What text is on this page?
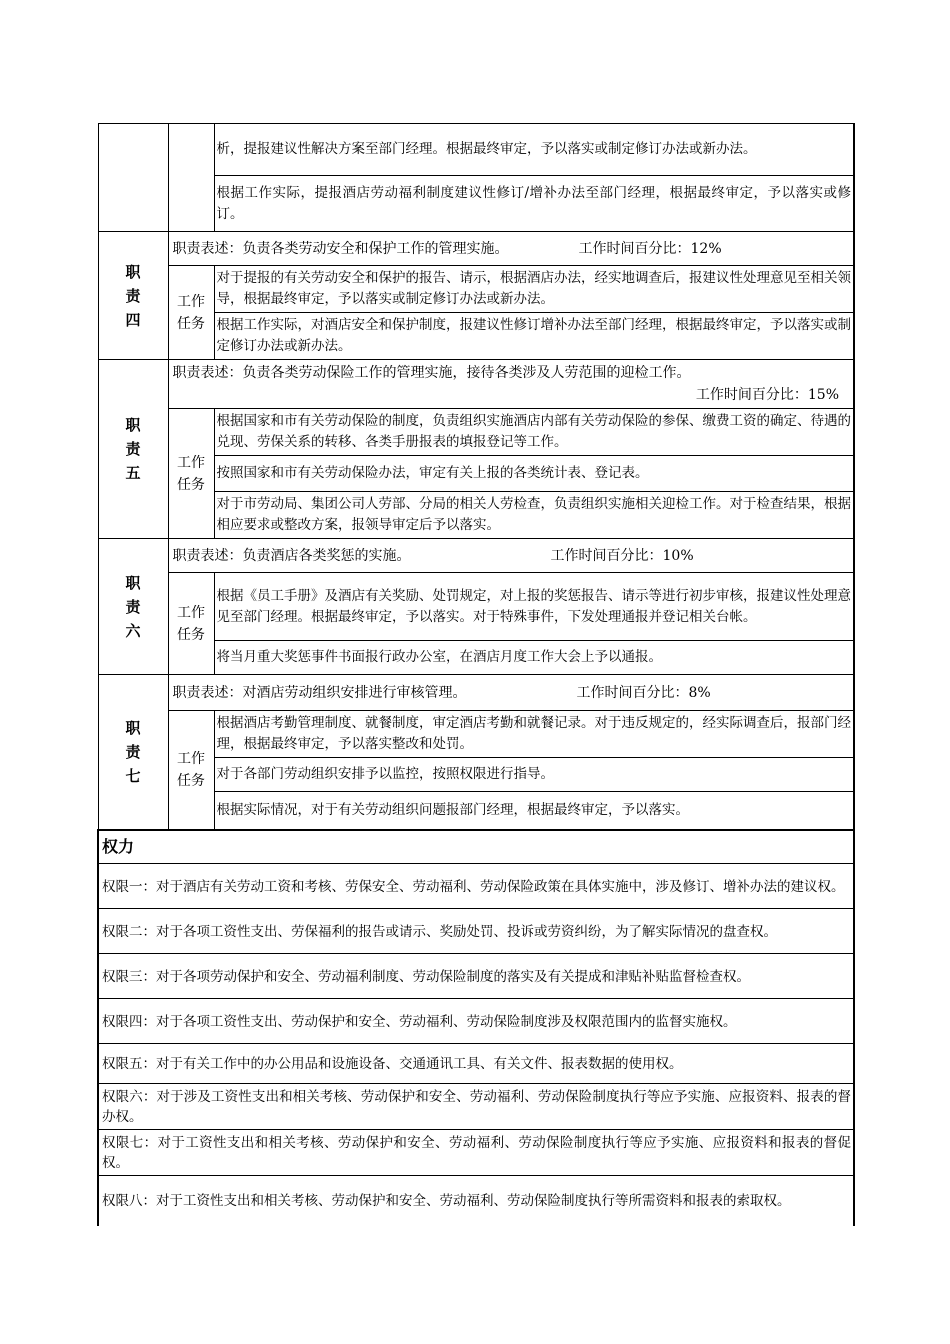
		析，提报建议性解决方案至部门经理。根据最终审定，予以落实或制定修订办法或新办法。
		根据工作实际，提报酒店劳动福利制度建议性修订/增补办法至部门经理，根据最终审定，予以落实或修订。

职责四	职责表述：负责各类劳动安全和保护工作的管理实施。 工作时间百分比：12%	

	工作任务	对于提报的有关劳动安全和保护的报告、请示，根据酒店办法，经实地调查后，报建议性处理意见至相关领导，根据最终审定，予以落实或制定修订办法或新办法。
		根据工作实际，对酒店安全和保护制度，报建议性修订增补办法至部门经理，根据最终审定，予以落实或制定修订办法或新办法。

职责五	职责表述：负责各类劳动保险工作的管理实施，接待各类涉及人劳范围的迎检工作。
工作时间百分比：15%	

	工作任务	根据国家和市有关劳动保险的制度，负责组织实施酒店内部有关劳动保险的参保、缴费工资的确定、待遇的兑现、劳保关系的转移、各类手册报表的填报登记等工作。
		按照国家和市有关劳动保险办法，审定有关上报的各类统计表、登记表。
		对于市劳动局、集团公司人劳部、分局的相关人劳检查，负责组织实施相关迎检工作。对于检查结果，根据相应要求或整改方案，报领导审定后予以落实。

职责六	职责表述：负责酒店各类奖惩的实施。 工作时间百分比：10%	

	工作任务	根据《员工手册》及酒店有关奖励、处罚规定，对上报的奖惩报告、请示等进行初步审核，报建议性处理意见至部门经理。根据最终审定，予以落实。对于特殊事件，下发处理通报并登记相关台帐。
		将当月重大奖惩事件书面报行政办公室，在酒店月度工作大会上予以通报。

职责七	职责表述：对酒店劳动组织安排进行审核管理。 工作时间百分比：8%	

	工作任务	根据酒店考勤管理制度、就餐制度，审定酒店考勤和就餐记录。对于违反规定的，经实际调查后，报部门经理，根据最终审定，予以落实整改和处罚。
		对于各部门劳动组织安排予以监控，按照权限进行指导。
		根据实际情况，对于有关劳动组织问题报部门经理，根据最终审定，予以落实。
权力		
权限一：对于酒店有关劳动工资和考核、劳保安全、劳动福利、劳动保险政策在具体实施中，涉及修订、增补办法的建议权。		
权限二：对于各项工资性支出、劳保福利的报告或请示、奖励处罚、投诉或劳资纠纷，为了解实际情况的盘查权。		
权限三：对于各项劳动保护和安全、劳动福利制度、劳动保险制度的落实及有关提成和津贴补贴监督检查权。		
权限四：对于各项工资性支出、劳动保护和安全、劳动福利、劳动保险制度涉及权限范围内的监督实施权。		
权限五：对于有关工作中的办公用品和设施设备、交通通讯工具、有关文件、报表数据的使用权。		
权限六：对于涉及工资性支出和相关考核、劳动保护和安全、劳动福利、劳动保险制度执行等应予实施、应报资料、报表的督办权。		
权限七：对于工资性支出和相关考核、劳动保护和安全、劳动福利、劳动保险制度执行等应予实施、应报资料和报表的督促权。		
权限八：对于工资性支出和相关考核、劳动保护和安全、劳动福利、劳动保险制度执行等所需资料和报表的索取权。		
